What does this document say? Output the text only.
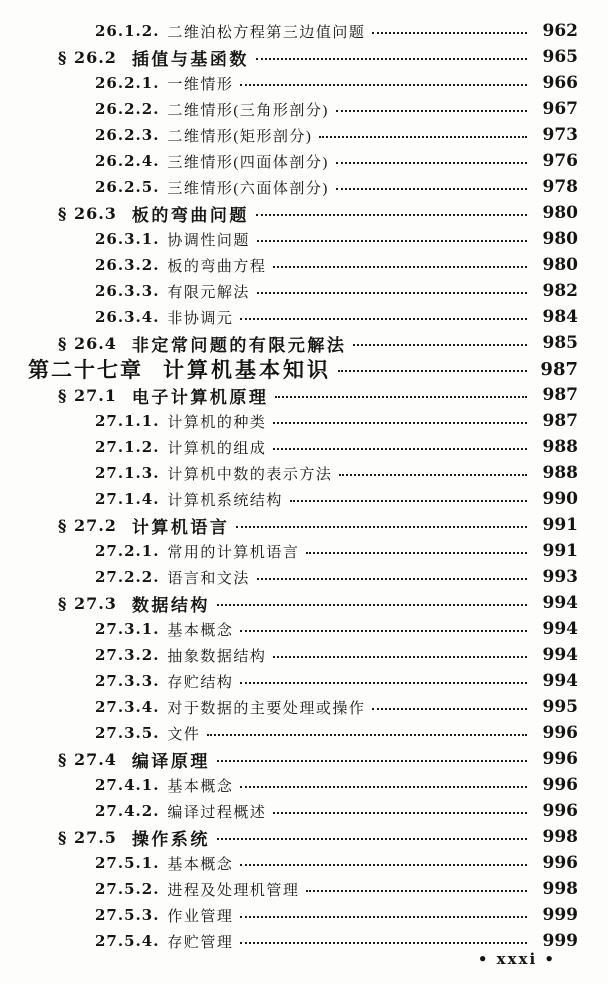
26.1.2. 二维泊松方程第三边值问题	962
§ 26.2 插值与基函数	965
26.2.1. 一维情形	966
26.2.2. 二维情形(三角形剖分)	967
26.2.3. 二维情形(矩形剖分)	973
26.2.4. 三维情形(四面体剖分)	976
26.2.5. 三维情形(六面体剖分)	978
§ 26.3 板的弯曲问题	980
26.3.1. 协调性问题	980
26.3.2. 板的弯曲方程	980
26.3.3. 有限元解法	982
26.3.4. 非协调元	984
§ 26.4 非定常问题的有限元解法	985
第二十七章 计算机基本知识	987
§ 27.1 电子计算机原理	987
27.1.1. 计算机的种类	987
27.1.2. 计算机的组成	988
27.1.3. 计算机中数的表示方法	988
27.1.4. 计算机系统结构	990
§ 27.2 计算机语言	991
27.2.1. 常用的计算机语言	991
27.2.2. 语言和文法	993
§ 27.3 数据结构	994
27.3.1. 基本概念	994
27.3.2. 抽象数据结构	994
27.3.3. 存贮结构	994
27.3.4. 对于数据的主要处理或操作	995
27.3.5. 文件	996
§ 27.4 编译原理	996
27.4.1. 基本概念	996
27.4.2. 编译过程概述	996
§ 27.5 操作系统	998
27.5.1. 基本概念	996
27.5.2. 进程及处理机管理	998
27.5.3. 作业管理	999
27.5.4. 存贮管理	999
• xxxi •
